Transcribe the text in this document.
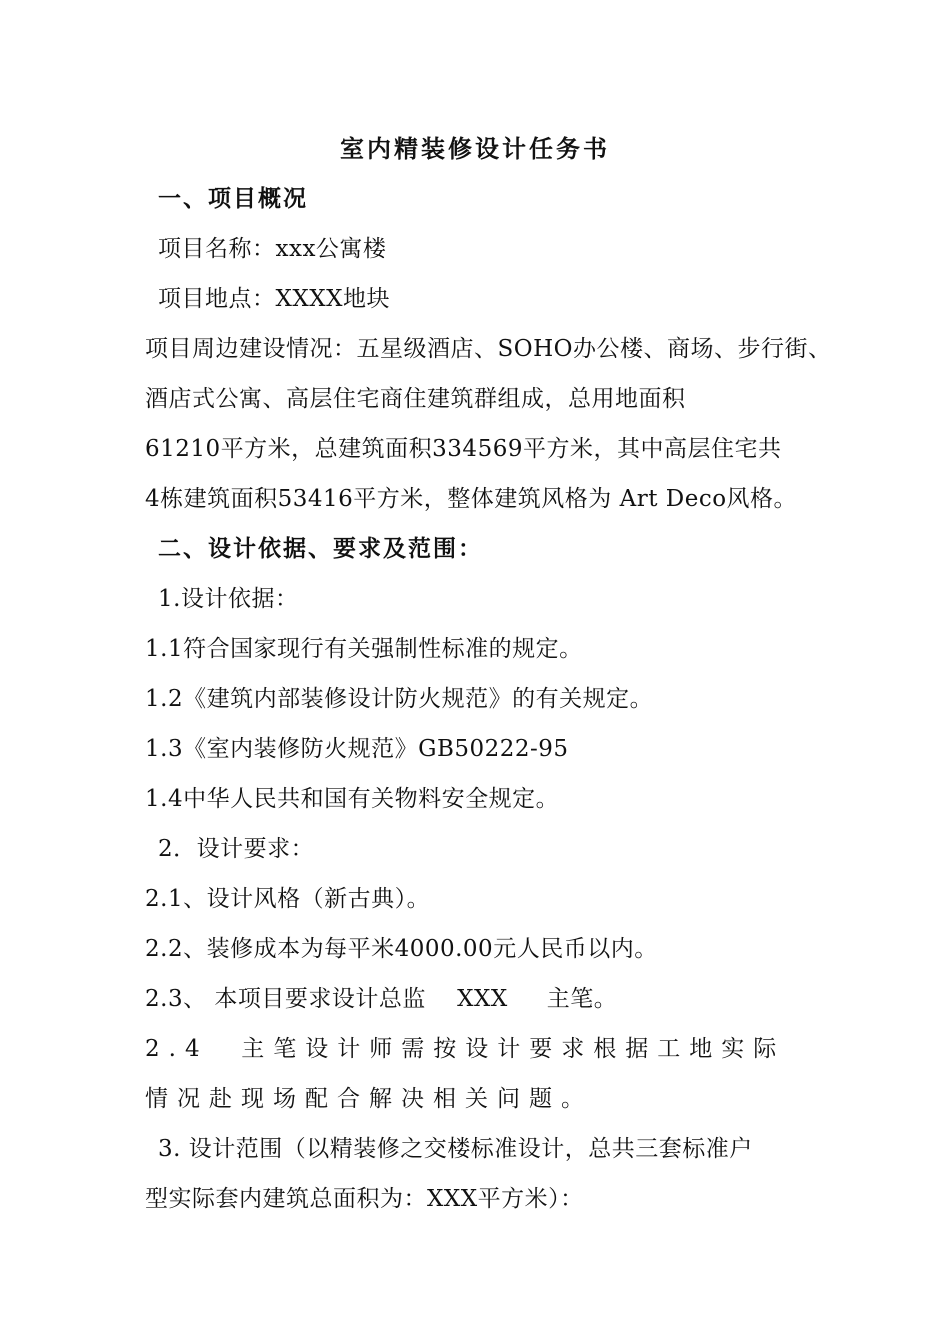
室内精装修设计任务书
一、项目概况
项目名称：xxx公寓楼
项目地点：XXXX地块
项目周边建设情况：五星级酒店、SOHO办公楼、商场、步行街、
酒店式公寓、高层住宅商住建筑群组成，总用地面积
61210平方米，总建筑面积334569平方米，其中高层住宅共
4栋建筑面积53416平方米，整体建筑风格为 Art Deco风格。
二、设计依据、要求及范围：
1.设计依据：
1.1符合国家现行有关强制性标准的规定。
1.2《建筑内部装修设计防火规范》的有关规定。
1.3《室内装修防火规范》GB50222-95
1.4中华人民共和国有关物料安全规定。
2．设计要求：
2.1、设计风格（新古典）。
2.2、装修成本为每平米4000.00元人民币以内。
2.3、 本项目要求设计总监    XXX     主笔。
2.4  主笔设计师需按设计要求根据工地实际
情况赴现场配合解决相关问题。
3. 设计范围（以精装修之交楼标准设计，总共三套标准户
型实际套内建筑总面积为：XXX平方米）：
